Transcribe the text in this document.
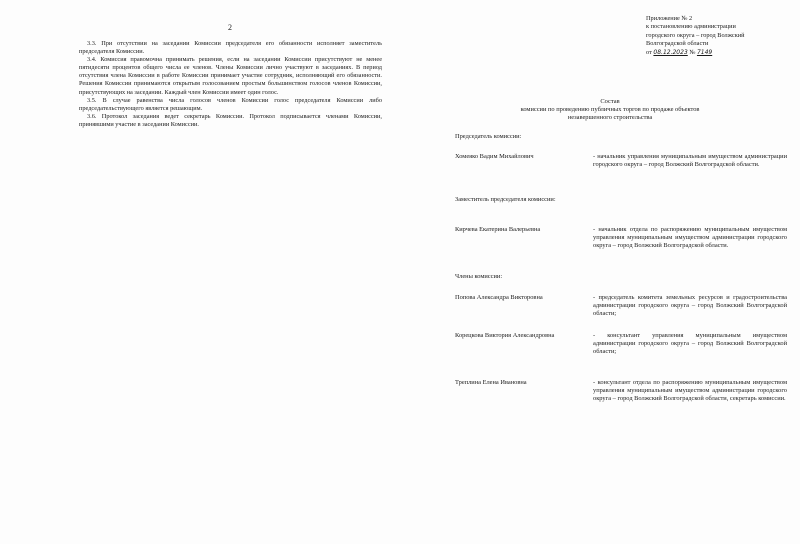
2

3.3. При отсутствии на заседании Комиссии председателя его обязанности исполняет заместитель председателя Комиссии.

3.4. Комиссия правомочна принимать решения, если на заседании Комиссии присутствуют не менее пятидесяти процентов общего числа ее членов. Члены Комиссии лично участвуют в заседаниях. В период отсутствия члена Комиссии в работе Комиссии принимает участие сотрудник, исполняющий его обязанности. Решения Комиссии принимаются открытым голосованием простым большинством голосов членов Комиссии, присутствующих на заседании. Каждый член Комиссии имеет один голос.

3.5. В случае равенства числа голосов членов Комиссии голос председателя Комиссии либо председательствующего является решающим.

3.6. Протокол заседания ведет секретарь Комиссии. Протокол подписывается членами Комиссии, принявшими участие в заседании Комиссии.

Приложение № 2
к постановлению администрации
городского округа – город Волжский
Волгоградской области
от 08.12.2023 № 7149
Состав
комиссии по проведению публичных торгов по продаже объектов
незавершенного строительства
Председатель комиссии:
Хомеяко Вадим Михайлович	- начальник управления муниципальным имуществом администрации городского округа – город Волжский Волгоградской области.
Заместитель председателя комиссии:
Кирчева Екатерина Валерьевна	- начальник отдела по распоряжению муниципальным имуществом управления муниципальным имуществом администрации городского округа – город Волжский Волгоградской области.
Члены комиссии:
Попова Александра Викторовна	- председатель комитета земельных ресурсов и градостроительства администрации городского округа – город Волжский Волгоградской области;
Корецкова Виктория Александровна	- консультант управления муниципальным имуществом администрации городского округа – город Волжский Волгоградской области;
Треплина Елена Ивановна	- консультант отдела по распоряжению муниципальным имуществом управления муниципальным имуществом администрации городского округа – город Волжский Волгоградской области, секретарь комиссии.
